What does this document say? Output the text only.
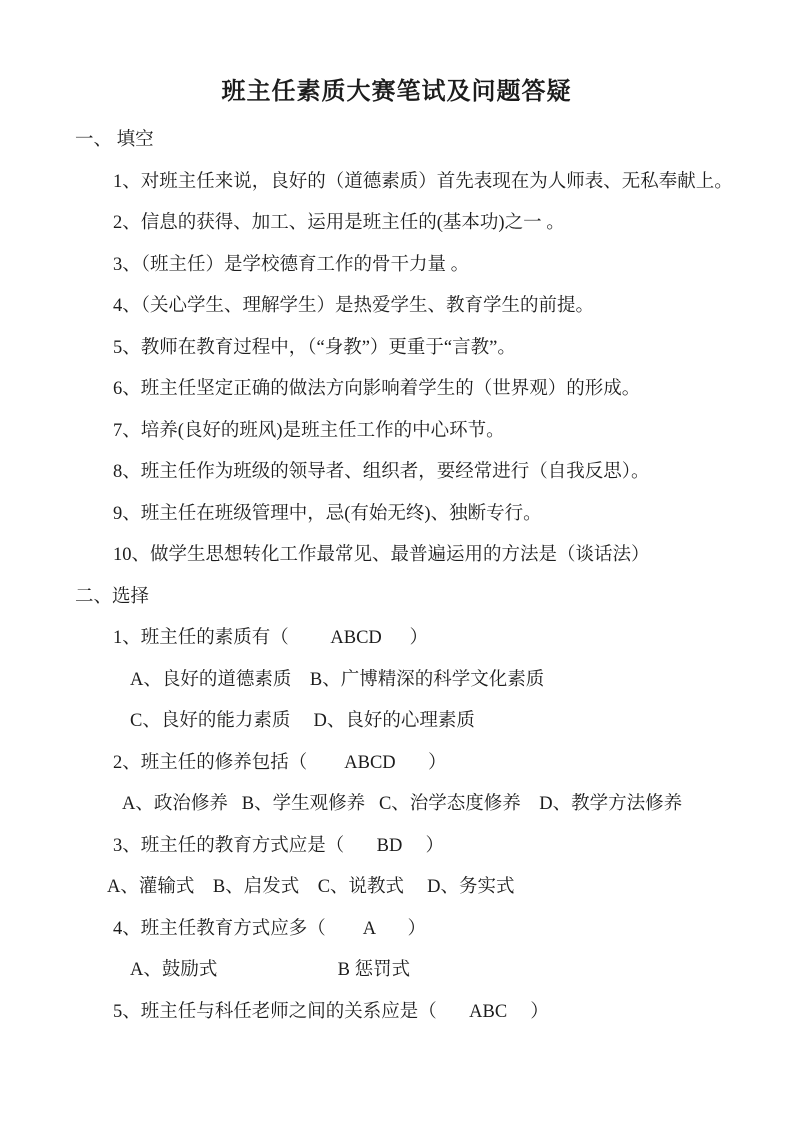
班主任素质大赛笔试及问题答疑
一、 填空
1、对班主任来说，良好的（道德素质）首先表现在为人师表、无私奉献上。
2、信息的获得、加工、运用是班主任的(基本功)之一 。
3、（班主任）是学校德育工作的骨干力量 。
4、（关心学生、理解学生）是热爱学生、教育学生的前提。
5、教师在教育过程中，（“身教”）更重于“言教”。
6、班主任坚定正确的做法方向影响着学生的（世界观）的形成。
7、培养(良好的班风)是班主任工作的中心环节。
8、班主任作为班级的领导者、组织者，要经常进行（自我反思）。
9、班主任在班级管理中，忌(有始无终)、独断专行。
10、做学生思想转化工作最常见、最普遍运用的方法是（谈话法）
二、选择
1、班主任的素质有（         ABCD      ）
A、良好的道德素质    B、广博精深的科学文化素质
C、良好的能力素质     D、良好的心理素质
2、班主任的修养包括（        ABCD       ）
A、政治修养   B、学生观修养   C、治学态度修养    D、教学方法修养
3、班主任的教育方式应是（       BD     ）
A、灌输式    B、启发式    C、说教式     D、务实式
4、班主任教育方式应多（        A       ）
A、鼓励式                          B 惩罚式
5、班主任与科任老师之间的关系应是（       ABC     ）
